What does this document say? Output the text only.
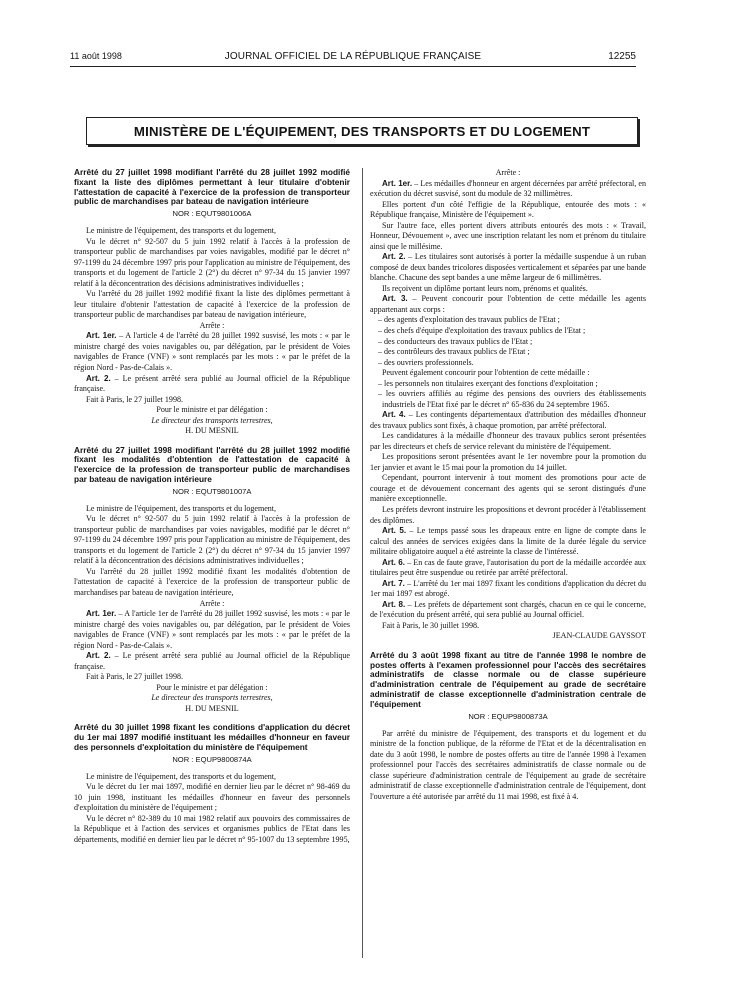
11 août 1998	JOURNAL OFFICIEL DE LA RÉPUBLIQUE FRANÇAISE	12255
MINISTÈRE DE L'ÉQUIPEMENT, DES TRANSPORTS ET DU LOGEMENT
Arrêté du 27 juillet 1998 modifiant l'arrêté du 28 juillet 1992 modifié fixant la liste des diplômes permettant à leur titulaire d'obtenir l'attestation de capacité à l'exercice de la profession de transporteur public de marchandises par bateau de navigation intérieure
NOR : EQUT9801006A

Le ministre de l'équipement, des transports et du logement,

Vu le décret n° 92-507 du 5 juin 1992 relatif à l'accès à la profession de transporteur public de marchandises par voies navigables, modifié par le décret n° 97-1199 du 24 décembre 1997 pris pour l'application au ministre de l'équipement, des transports et du logement de l'article 2 (2°) du décret n° 97-34 du 15 janvier 1997 relatif à la déconcentration des décisions administratives individuelles ;

Vu l'arrêté du 28 juillet 1992 modifié fixant la liste des diplômes permettant à leur titulaire d'obtenir l'attestation de capacité à l'exercice de la profession de transporteur public de marchandises par bateau de navigation intérieure,

Arrête :

Art. 1er. – A l'article 4 de l'arrêté du 28 juillet 1992 susvisé, les mots : « par le ministre chargé des voies navigables ou, par délégation, par le président de Voies navigables de France (VNF) » sont remplacés par les mots : « par le préfet de la région Nord - Pas-de-Calais ».

Art. 2. – Le présent arrêté sera publié au Journal officiel de la République française.

Fait à Paris, le 27 juillet 1998.

Pour le ministre et par délégation :

Le directeur des transports terrestres,

H. DU MESNIL

Arrêté du 27 juillet 1998 modifiant l'arrêté du 28 juillet 1992 modifié fixant les modalités d'obtention de l'attestation de capacité à l'exercice de la profession de transporteur public de marchandises par bateau de navigation intérieure
NOR : EQUT9801007A

Le ministre de l'équipement, des transports et du logement,

Vu le décret n° 92-507 du 5 juin 1992 relatif à l'accès à la profession de transporteur public de marchandises par voies navigables, modifié par le décret n° 97-1199 du 24 décembre 1997 pris pour l'application au ministre de l'équipement, des transports et du logement de l'article 2 (2°) du décret n° 97-34 du 15 janvier 1997 relatif à la déconcentration des décisions administratives individuelles ;

Vu l'arrêté du 28 juillet 1992 modifié fixant les modalités d'obtention de l'attestation de capacité à l'exercice de la profession de transporteur public de marchandises par bateau de navigation intérieure,

Arrête :

Art. 1er. – A l'article 1er de l'arrêté du 28 juillet 1992 susvisé, les mots : « par le ministre chargé des voies navigables ou, par délégation, par le président de Voies navigables de France (VNF) » sont remplacés par les mots : « par le préfet de la région Nord - Pas-de-Calais ».

Art. 2. – Le présent arrêté sera publié au Journal officiel de la République française.

Fait à Paris, le 27 juillet 1998.

Pour le ministre et par délégation :

Le directeur des transports terrestres,

H. DU MESNIL

Arrêté du 30 juillet 1998 fixant les conditions d'application du décret du 1er mai 1897 modifié instituant les médailles d'honneur en faveur des personnels d'exploitation du ministère de l'équipement
NOR : EQUP9800874A

Le ministre de l'équipement, des transports et du logement,

Vu le décret du 1er mai 1897, modifié en dernier lieu par le décret n° 98-469 du 10 juin 1998, instituant les médailles d'honneur en faveur des personnels d'exploitation du ministère de l'équipement ;

Vu le décret n° 82-389 du 10 mai 1982 relatif aux pouvoirs des commissaires de la République et à l'action des services et organismes publics de l'Etat dans les départements, modifié en dernier lieu par le décret n° 95-1007 du 13 septembre 1995,

Arrête :

Art. 1er. – Les médailles d'honneur en argent décernées par arrêté préfectoral, en exécution du décret susvisé, sont du module de 32 millimètres.

Elles portent d'un côté l'effigie de la République, entourée des mots : « République française, Ministère de l'équipement ».

Sur l'autre face, elles portent divers attributs entourés des mots : « Travail, Honneur, Dévouement », avec une inscription relatant les nom et prénom du titulaire ainsi que le millésime.

Art. 2. – Les titulaires sont autorisés à porter la médaille suspendue à un ruban composé de deux bandes tricolores disposées verticalement et séparées par une bande blanche. Chacune des sept bandes a une même largeur de 6 millimètres.

Ils reçoivent un diplôme portant leurs nom, prénoms et qualités.

Art. 3. – Peuvent concourir pour l'obtention de cette médaille les agents appartenant aux corps :

– des agents d'exploitation des travaux publics de l'Etat ;

– des chefs d'équipe d'exploitation des travaux publics de l'Etat ;

– des conducteurs des travaux publics de l'Etat ;

– des contrôleurs des travaux publics de l'Etat ;

– des ouvriers professionnels.

Peuvent également concourir pour l'obtention de cette médaille :

– les personnels non titulaires exerçant des fonctions d'exploitation ;

– les ouvriers affiliés au régime des pensions des ouvriers des établissements industriels de l'Etat fixé par le décret n° 65-836 du 24 septembre 1965.

Art. 4. – Les contingents départementaux d'attribution des médailles d'honneur des travaux publics sont fixés, à chaque promotion, par arrêté préfectoral.

Les candidatures à la médaille d'honneur des travaux publics seront présentées par les directeurs et chefs de service relevant du ministère de l'équipement.

Les propositions seront présentées avant le 1er novembre pour la promotion du 1er janvier et avant le 15 mai pour la promotion du 14 juillet.

Cependant, pourront intervenir à tout moment des promotions pour acte de courage et de dévouement concernant des agents qui se seront distingués d'une manière exceptionnelle.

Les préfets devront instruire les propositions et devront procéder à l'établissement des diplômes.

Art. 5. – Le temps passé sous les drapeaux entre en ligne de compte dans le calcul des années de services exigées dans la limite de la durée légale du service militaire obligatoire auquel a été astreinte la classe de l'intéressé.

Art. 6. – En cas de faute grave, l'autorisation du port de la médaille accordée aux titulaires peut être suspendue ou retirée par arrêté préfectoral.

Art. 7. – L'arrêté du 1er mai 1897 fixant les conditions d'application du décret du 1er mai 1897 est abrogé.

Art. 8. – Les préfets de département sont chargés, chacun en ce qui le concerne, de l'exécution du présent arrêté, qui sera publié au Journal officiel.

Fait à Paris, le 30 juillet 1998.

JEAN-CLAUDE GAYSSOT

Arrêté du 3 août 1998 fixant au titre de l'année 1998 le nombre de postes offerts à l'examen professionnel pour l'accès des secrétaires administratifs de classe normale ou de classe supérieure d'administration centrale de l'équipement au grade de secrétaire administratif de classe exceptionnelle d'administration centrale de l'équipement
NOR : EQUP9800873A

Par arrêté du ministre de l'équipement, des transports et du logement et du ministre de la fonction publique, de la réforme de l'Etat et de la décentralisation en date du 3 août 1998, le nombre de postes offerts au titre de l'année 1998 à l'examen professionnel pour l'accès des secrétaires administratifs de classe normale ou de classe supérieure d'administration centrale de l'équipement au grade de secrétaire administratif de classe exceptionnelle d'administration centrale de l'équipement, dont l'ouverture a été autorisée par arrêté du 11 mai 1998, est fixé à 4.
